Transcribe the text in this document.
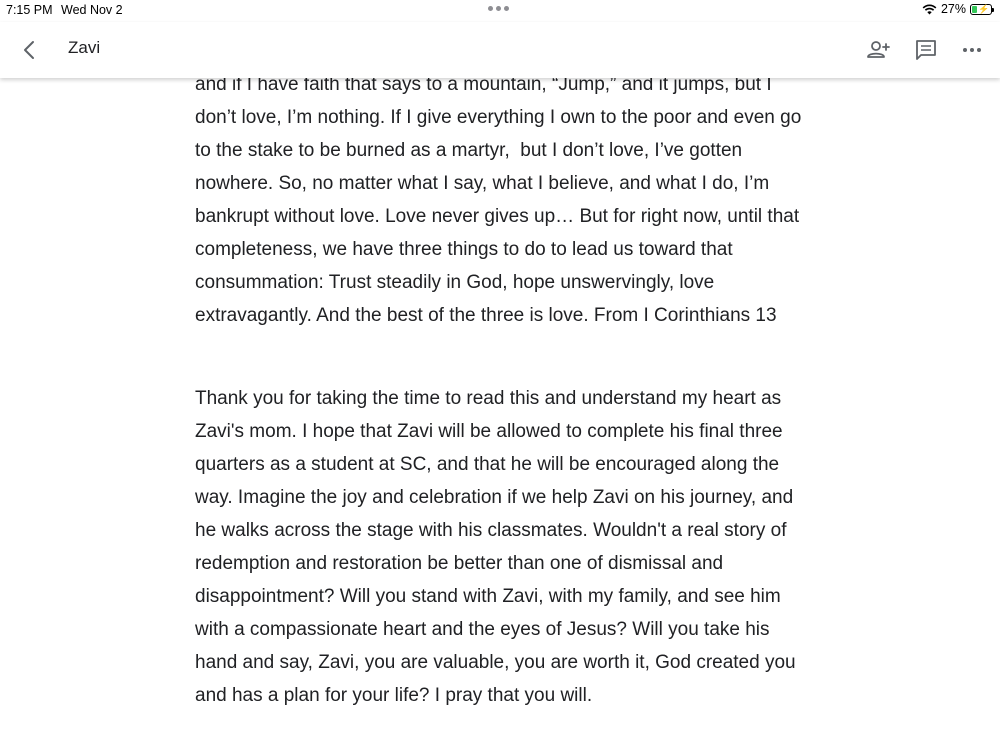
7:15 PM Wed Nov 2	27% ⚡
Zavi

and if I have faith that says to a mountain, “Jump,” and it jumps, but I don’t love, I’m nothing. If I give everything I own to the poor and even go to the stake to be burned as a martyr,  but I don’t love, I’ve gotten nowhere. So, no matter what I say, what I believe, and what I do, I’m bankrupt without love. Love never gives up… But for right now, until that completeness, we have three things to do to lead us toward that consummation: Trust steadily in God, hope unswervingly, love extravagantly. And the best of the three is love. From I Corinthians 13

Thank you for taking the time to read this and understand my heart as Zavi's mom. I hope that Zavi will be allowed to complete his final three quarters as a student at SC, and that he will be encouraged along the way. Imagine the joy and celebration if we help Zavi on his journey, and he walks across the stage with his classmates. Wouldn't a real story of redemption and restoration be better than one of dismissal and disappointment? Will you stand with Zavi, with my family, and see him with a compassionate heart and the eyes of Jesus? Will you take his hand and say, Zavi, you are valuable, you are worth it, God created you and has a plan for your life? I pray that you will.
